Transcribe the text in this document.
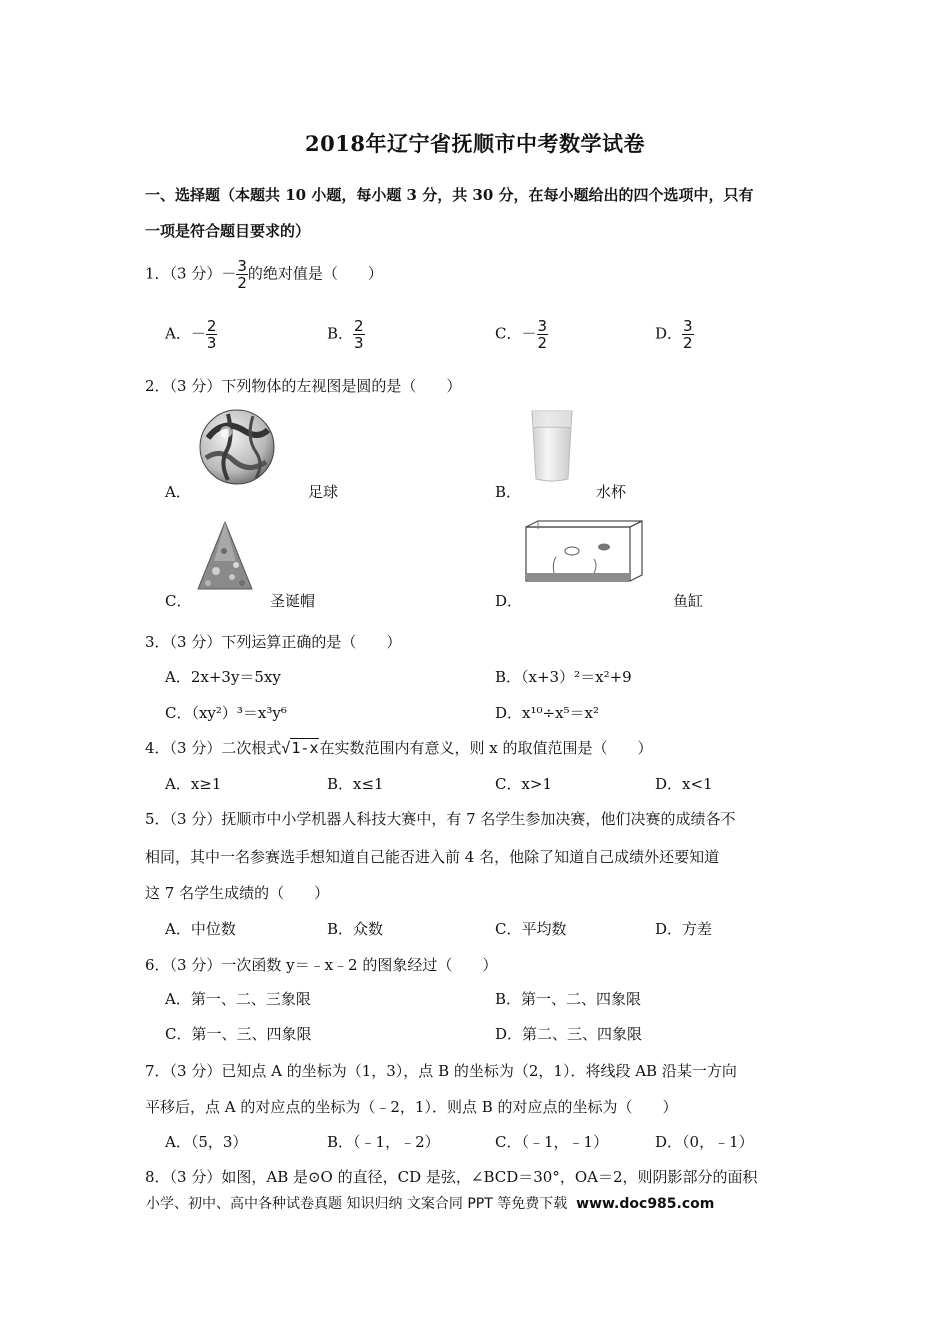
2018年辽宁省抚顺市中考数学试卷
一、选择题（本题共 10 小题，每小题 3 分，共 30 分，在每小题给出的四个选项中，只有
一项是符合题目要求的）
1．（3 分）－ $\frac{3}{2}$ 的绝对值是（　　）
A．－ $\frac{2}{3}$	B． $\frac{2}{3}$	C．－ $\frac{3}{2}$	D． $\frac{3}{2}$
2．（3 分）下列物体的左视图是圆的是（　　）
A．	足球	B．	水杯
C．	圣诞帽	D．	鱼缸
3．（3 分）下列运算正确的是（　　）
A．2x+3y＝5xy	B．（x+3）²＝x²+9
C．（xy²）³＝x³y⁶	D．x¹⁰÷x⁵＝x²
4．（3 分）二次根式√1-x在实数范围内有意义，则 x 的取值范围是（　　）
A．x≥1	B．x≤1	C．x>1	D．x<1
5．（3 分）抚顺市中小学机器人科技大赛中，有 7 名学生参加决赛，他们决赛的成绩各不
相同，其中一名参赛选手想知道自己能否进入前 4 名，他除了知道自己成绩外还要知道
这 7 名学生成绩的（　　）
A．中位数	B．众数	C．平均数	D．方差
6．（3 分）一次函数 y＝﹣x﹣2 的图象经过（　　）
A．第一、二、三象限	B．第一、二、四象限
C．第一、三、四象限	D．第二、三、四象限
7．（3 分）已知点 A 的坐标为（1，3），点 B 的坐标为（2，1）．将线段 AB 沿某一方向
平移后，点 A 的对应点的坐标为（﹣2，1）．则点 B 的对应点的坐标为（　　）
A．（5，3）	B．（﹣1，﹣2）	C．（﹣1，﹣1）	D．（0，﹣1）
8．（3 分）如图，AB 是⊙O 的直径，CD 是弦，∠BCD＝30°，OA＝2，则阴影部分的面积
小学、初中、高中各种试卷真题 知识归纳 文案合同 PPT 等免费下载 www.doc985.com
